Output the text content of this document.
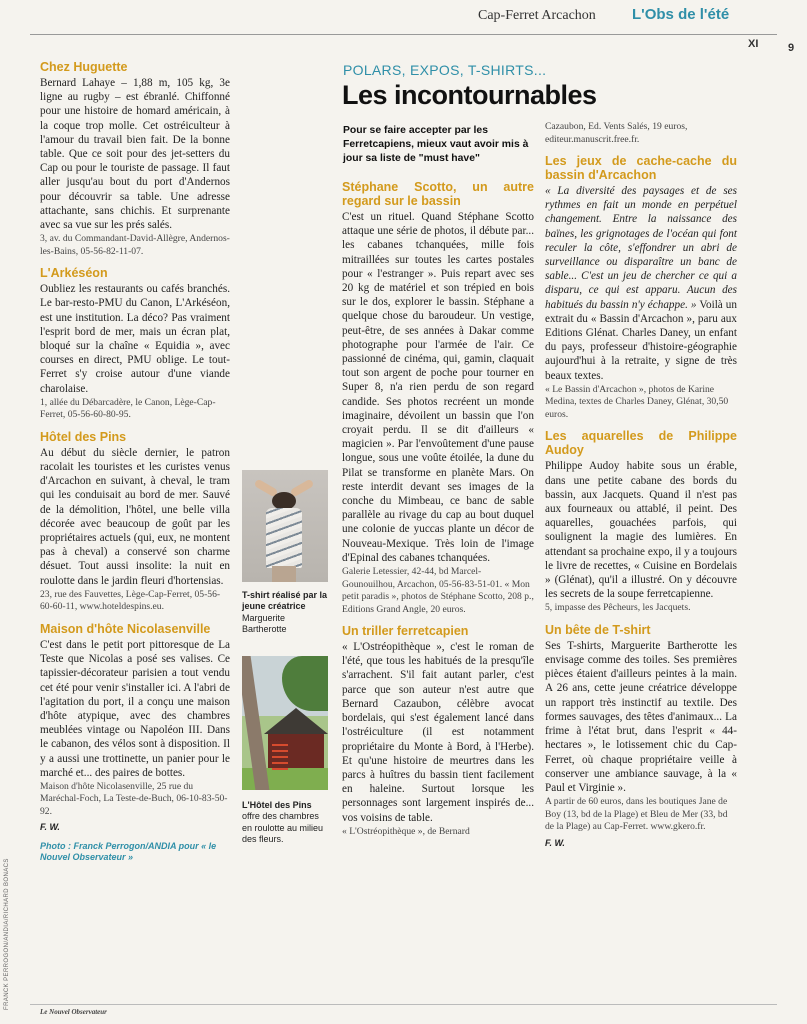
Cap-Ferret Arcachon L'Obs de l'été
XI	9
Chez Huguette
Bernard Lahaye – 1,88 m, 105 kg, 3e ligne au rugby – est ébranlé. Chiffonné pour une histoire de homard américain, à la coque trop molle. Cet ostréiculteur à l'amour du travail bien fait. De la bonne table. Que ce soit pour des jet-setters du Cap ou pour le touriste de passage. Il faut aller jusqu'au bout du port d'Andernos pour découvrir sa table. Une adresse attachante, sans chichis. Et surprenante avec sa vue sur les prés salés.
3, av. du Commandant-David-Allègre, Andernos-les-Bains, 05-56-82-11-07.
L'Arkéséon
Oubliez les restaurants ou cafés branchés. Le bar-resto-PMU du Canon, L'Arkéséon, est une institution. La déco? Pas vraiment l'esprit bord de mer, mais un écran plat, bloqué sur la chaîne « Equidia », avec courses en direct, PMU oblige. Le tout-Ferret s'y croise autour d'une viande charolaise.
1, allée du Débarcadère, le Canon, Lège-Cap-Ferret, 05-56-60-80-95.
Hôtel des Pins
Au début du siècle dernier, le patron racolait les touristes et les curistes venus d'Arcachon en suivant, à cheval, le tram qui les conduisait au bord de mer. Sauvé de la démolition, l'hôtel, une belle villa décorée avec beaucoup de goût par les propriétaires actuels (qui, eux, ne montent pas à cheval) a conservé son charme désuet. Tout aussi insolite: la nuit en roulotte dans le jardin fleuri d'hortensias.
23, rue des Fauvettes, Lège-Cap-Ferret, 05-56-60-60-11, www.hoteldespins.eu.
Maison d'hôte Nicolasenville
C'est dans le petit port pittoresque de La Teste que Nicolas a posé ses valises. Ce tapissier-décorateur parisien a tout vendu cet été pour venir s'installer ici. A l'abri de l'agitation du port, il a conçu une maison d'hôte atypique, avec des chambres meublées vintage ou Napoléon III. Dans le cabanon, des vélos sont à disposition. Il y a aussi une trottinette, un panier pour le marché et... des paires de bottes.
Maison d'hôte Nicolasenville, 25 rue du Maréchal-Foch, La Teste-de-Buch, 06-10-83-50-92.
F. W.
Photo : Franck Perrogon/ANDIA pour « le Nouvel Observateur »
T-shirt réalisé par la jeune créatrice
Marguerite Bartherotte
L'Hôtel des Pins
offre des chambres en roulotte au milieu des fleurs.
POLARS, EXPOS, T-SHIRTS...
Les incontournables
Pour se faire accepter par les Ferretcapiens, mieux vaut avoir mis à jour sa liste de "must have"
Stéphane Scotto, un autre regard sur le bassin
C'est un rituel. Quand Stéphane Scotto attaque une série de photos, il débute par... les cabanes tchanquées, mille fois mitraillées sur toutes les cartes postales pour « l'estranger ». Puis repart avec ses 20 kg de matériel et son trépied en bois sur le dos, explorer le bassin. Stéphane a quelque chose du baroudeur. Un vestige, peut-être, de ses années à Dakar comme photographe pour l'armée de l'air. Ce passionné de cinéma, qui, gamin, claquait tout son argent de poche pour tourner en Super 8, n'a rien perdu de son regard candide. Ses photos recréent un monde imaginaire, dévoilent un bassin que l'on croyait perdu. Il se dit d'ailleurs « magicien ». Par l'envoûtement d'une pause longue, sous une voûte étoilée, la dune du Pilat se transforme en planète Mars. On reste interdit devant ses images de la conche du Mimbeau, ce banc de sable parallèle au rivage du cap au bout duquel une colonie de yuccas plante un décor de Nouveau-Mexique. Très loin de l'image d'Epinal des cabanes tchanquées.
Galerie Letessier, 42-44, bd Marcel-Gounouilhou, Arcachon, 05-56-83-51-01. « Mon petit paradis », photos de Stéphane Scotto, 208 p., Editions Grand Angle, 20 euros.
Un triller ferretcapien
« L'Ostréopithèque », c'est le roman de l'été, que tous les habitués de la presqu'île s'arrachent. S'il fait autant parler, c'est parce que son auteur n'est autre que Bernard Cazaubon, célèbre avocat bordelais, qui s'est également lancé dans l'ostréiculture (il est notamment propriétaire du Monte à Bord, à l'Herbe). Et qu'une histoire de meurtres dans les parcs à huîtres du bassin tient facilement en haleine. Surtout lorsque les personnages sont largement inspirés de... vos voisins de table.
« L'Ostréopithèque », de Bernard
Cazaubon, Ed. Vents Salés, 19 euros, editeur.manuscrit.free.fr.
Les jeux de cache-cache du bassin d'Arcachon
« La diversité des paysages et de ses rythmes en fait un monde en perpétuel changement. Entre la naissance des baïnes, les grignotages de l'océan qui font reculer la côte, s'effondrer un abri de surveillance ou disparaître un banc de sable... C'est un jeu de chercher ce qui a disparu, ce qui est apparu. Aucun des habitués du bassin n'y échappe. » Voilà un extrait du « Bassin d'Arcachon », paru aux Editions Glénat. Charles Daney, un enfant du pays, professeur d'histoire-géographie aujourd'hui à la retraite, y signe de très beaux textes.
« Le Bassin d'Arcachon », photos de Karine Medina, textes de Charles Daney, Glénat, 30,50 euros.
Les aquarelles de Philippe Audoy
Philippe Audoy habite sous un érable, dans une petite cabane des bords du bassin, aux Jacquets. Quand il n'est pas aux fourneaux ou attablé, il peint. Des aquarelles, gouachées parfois, qui soulignent la magie des lumières. En attendant sa prochaine expo, il y a toujours le livre de recettes, « Cuisine en Bordelais » (Glénat), qu'il a illustré. On y découvre les secrets de la soupe ferretcapienne.
5, impasse des Pêcheurs, les Jacquets.
Un bête de T-shirt
Ses T-shirts, Marguerite Bartherotte les envisage comme des toiles. Ses premières pièces étaient d'ailleurs peintes à la main. A 26 ans, cette jeune créatrice développe un rapport très instinctif au textile. Des formes sauvages, des têtes d'animaux... La frime à l'état brut, dans l'esprit « 44-hectares », le lotissement chic du Cap-Ferret, où chaque propriétaire veille à conserver une ambiance sauvage, à la « Paul et Virginie ».
A partir de 60 euros, dans les boutiques Jane de Boy (13, bd de la Plage) et Bleu de Mer (33, bd de la Plage) au Cap-Ferret. www.gkero.fr.
F. W.
FRANCK PERROGON/ANDIA/RICHARD BONACS
Le Nouvel Observateur
